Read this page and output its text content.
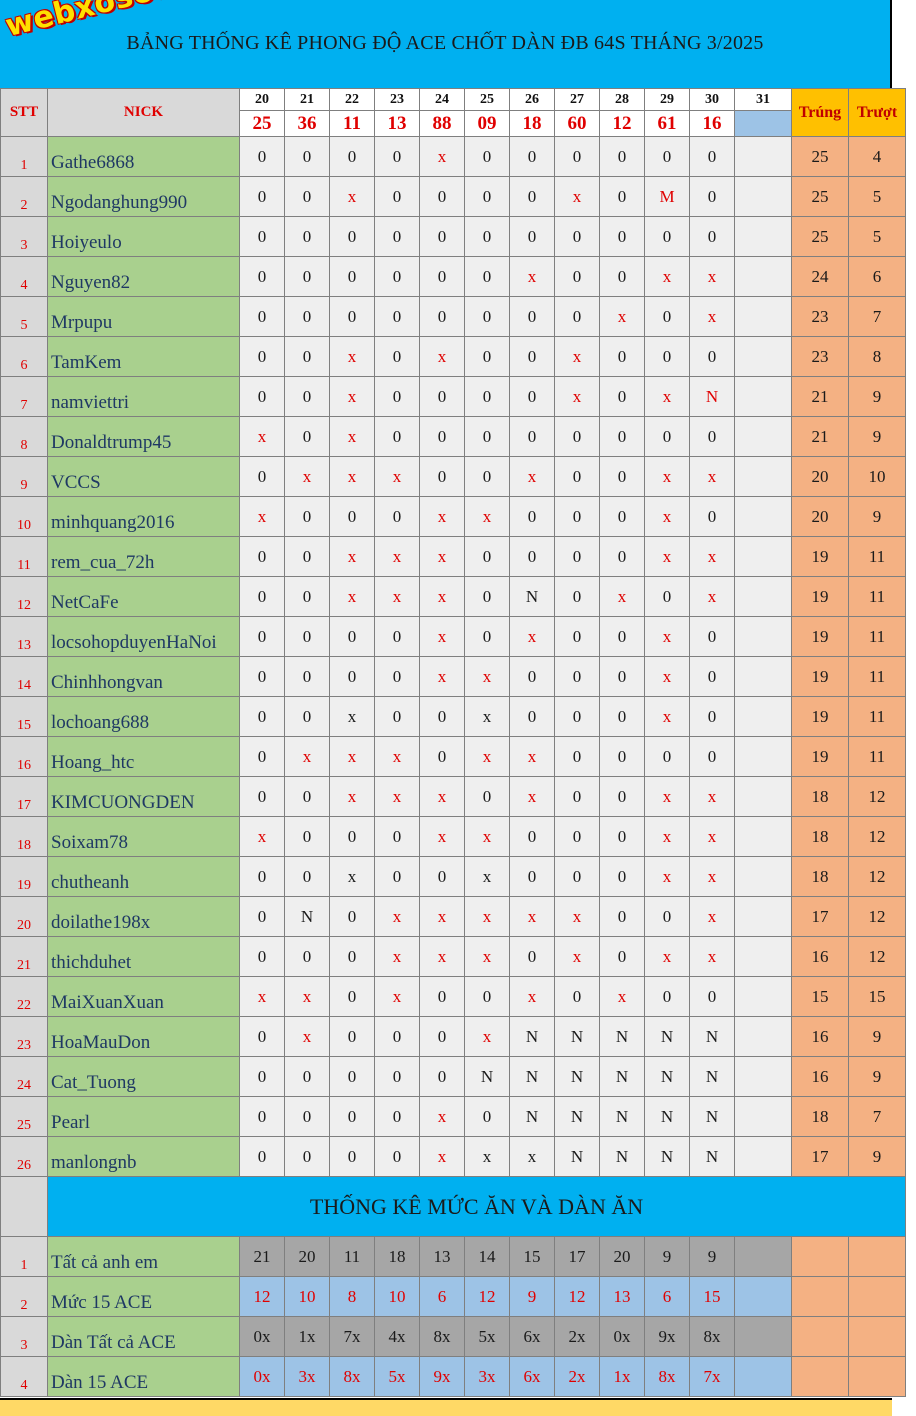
BẢNG THỐNG KÊ PHONG ĐỘ ACE CHỐT DÀN ĐB 64S THÁNG 3/2025
STT	NICK	20	21	22	23	24	25	26	27	28	29	30	31	Trúng	Trượt
		25	36	11	13	88	09	18	60	12	61	16			
1	Gathe6868	0	0	0	0	x	0	0	0	0	0	0		25	4
2	Ngodanghung990	0	0	x	0	0	0	0	x	0	M	0		25	5
3	Hoiyeulo	0	0	0	0	0	0	0	0	0	0	0		25	5
4	Nguyen82	0	0	0	0	0	0	x	0	0	x	x		24	6
5	Mrpupu	0	0	0	0	0	0	0	0	x	0	x		23	7
6	TamKem	0	0	x	0	x	0	0	x	0	0	0		23	8
7	namviettri	0	0	x	0	0	0	0	x	0	x	N		21	9
8	Donaldtrump45	x	0	x	0	0	0	0	0	0	0	0		21	9
9	VCCS	0	x	x	x	0	0	x	0	0	x	x		20	10
10	minhquang2016	x	0	0	0	x	x	0	0	0	x	0		20	9
11	rem_cua_72h	0	0	x	x	x	0	0	0	0	x	x		19	11
12	NetCaFe	0	0	x	x	x	0	N	0	x	0	x		19	11
13	locsohopduyenHaNoi	0	0	0	0	x	0	x	0	0	x	0		19	11
14	Chinhhongvan	0	0	0	0	x	x	0	0	0	x	0		19	11
15	lochoang688	0	0	x	0	0	x	0	0	0	x	0		19	11
16	Hoang_htc	0	x	x	x	0	x	x	0	0	0	0		19	11
17	KIMCUONGDEN	0	0	x	x	x	0	x	0	0	x	x		18	12
18	Soixam78	x	0	0	0	x	x	0	0	0	x	x		18	12
19	chutheanh	0	0	x	0	0	x	0	0	0	x	x		18	12
20	doilathe198x	0	N	0	x	x	x	x	x	0	0	x		17	12
21	thichduhet	0	0	0	x	x	x	0	x	0	x	x		16	12
22	MaiXuanXuan	x	x	0	x	0	0	x	0	x	0	0		15	15
23	HoaMauDon	0	x	0	0	0	x	N	N	N	N	N		16	9
24	Cat_Tuong	0	0	0	0	0	N	N	N	N	N	N		16	9
25	Pearl	0	0	0	0	x	0	N	N	N	N	N		18	7
26	manlongnb	0	0	0	0	x	x	x	N	N	N	N		17	9
	THỐNG KÊ MỨC ĂN VÀ DÀN ĂN														
1	Tất cả anh em	21	20	11	18	13	14	15	17	20	9	9			
2	Mức 15 ACE	12	10	8	10	6	12	9	12	13	6	15			
3	Dàn Tất cả ACE	0x	1x	7x	4x	8x	5x	6x	2x	0x	9x	8x			
4	Dàn 15 ACE	0x	3x	8x	5x	9x	3x	6x	2x	1x	8x	7x			
